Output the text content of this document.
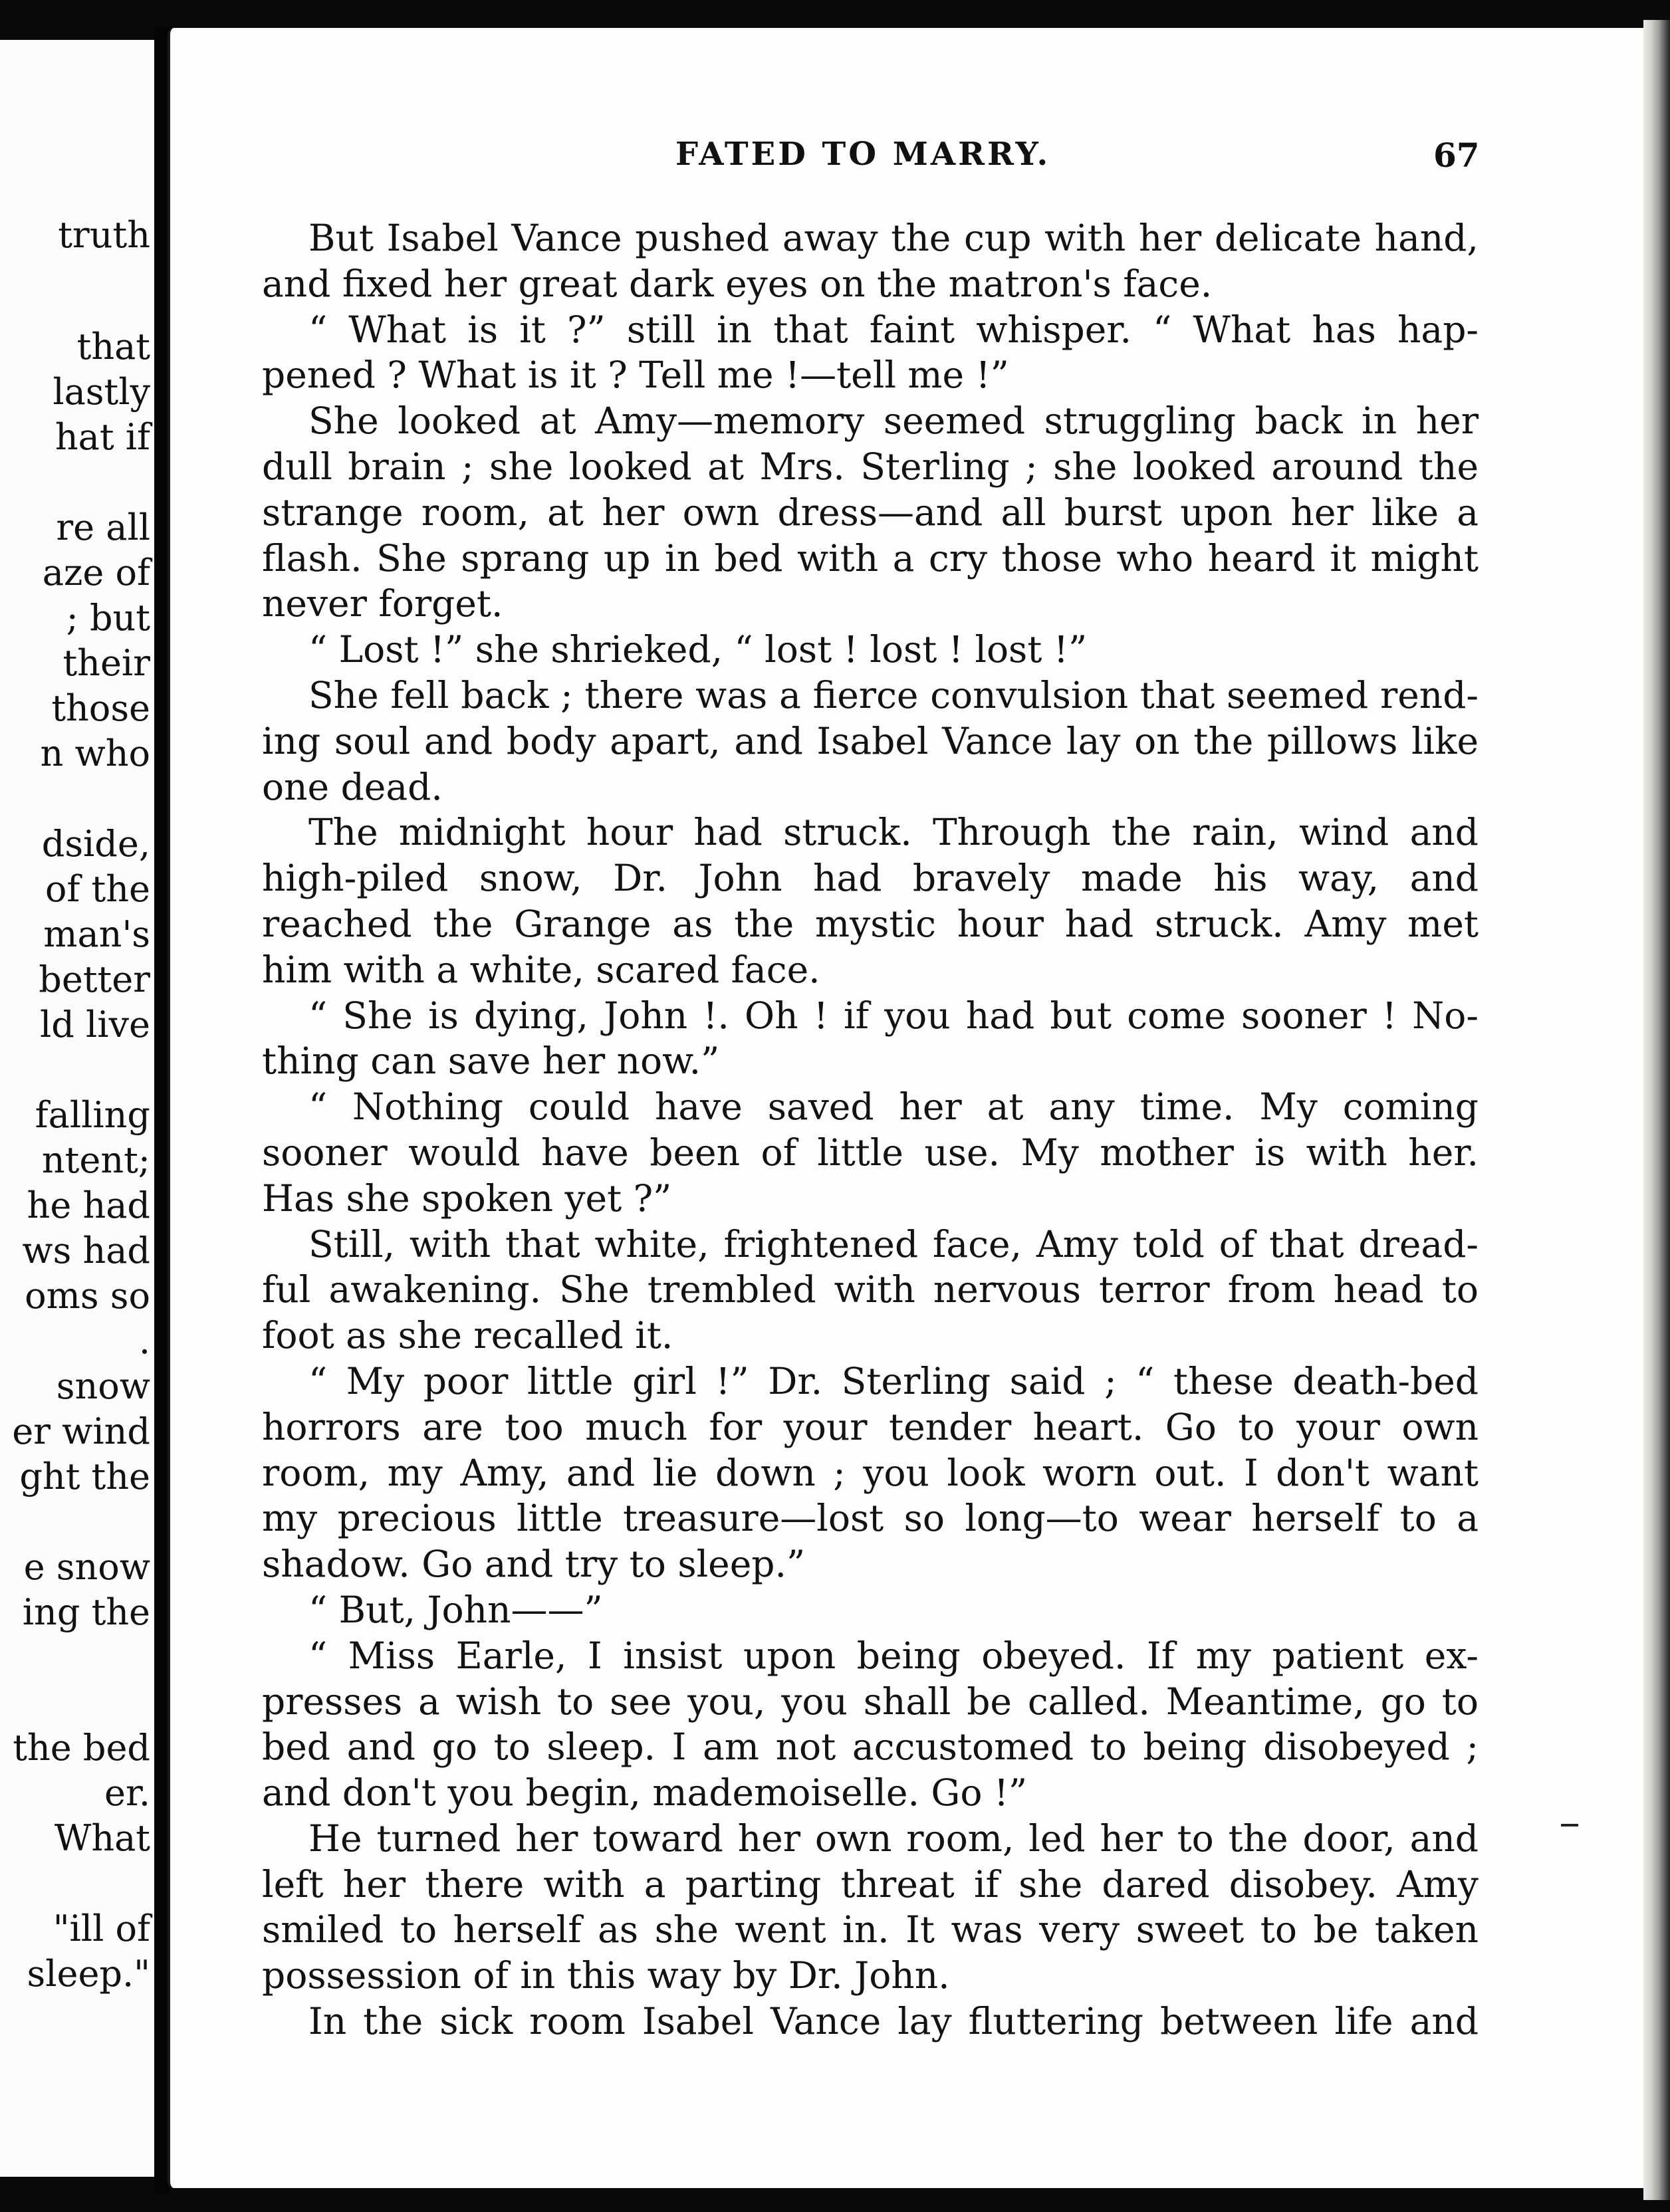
truth
that
lastly
hat if
re all
aze of
; but
their
those
n who
dside,
of the
man's
better
ld live
falling
ntent;
he had
ws had
oms so
.
snow
er wind
ght the
e snow
ing the
the bed
er.
What
"ill of
sleep."
FATED TO MARRY.	67
But Isabel Vance pushed away the cup with her delicate hand,
and fixed her great dark eyes on the matron's face.
“ What is it ?” still in that faint whisper. “ What has hap-
pened ? What is it ? Tell me !—tell me !”
She looked at Amy—memory seemed struggling back in her
dull brain ; she looked at Mrs. Sterling ; she looked around the
strange room, at her own dress—and all burst upon her like a
flash. She sprang up in bed with a cry those who heard it might
never forget.
“ Lost !” she shrieked, “ lost ! lost ! lost !”
She fell back ; there was a fierce convulsion that seemed rend-
ing soul and body apart, and Isabel Vance lay on the pillows like
one dead.
The midnight hour had struck. Through the rain, wind and
high-piled snow, Dr. John had bravely made his way, and
reached the Grange as the mystic hour had struck. Amy met
him with a white, scared face.
“ She is dying, John !. Oh ! if you had but come sooner ! No-
thing can save her now.”
“ Nothing could have saved her at any time. My coming
sooner would have been of little use. My mother is with her.
Has she spoken yet ?”
Still, with that white, frightened face, Amy told of that dread-
ful awakening. She trembled with nervous terror from head to
foot as she recalled it.
“ My poor little girl !” Dr. Sterling said ; “ these death-bed
horrors are too much for your tender heart. Go to your own
room, my Amy, and lie down ; you look worn out. I don't want
my precious little treasure—lost so long—to wear herself to a
shadow. Go and try to sleep.”
“ But, John——”
“ Miss Earle, I insist upon being obeyed. If my patient ex-
presses a wish to see you, you shall be called. Meantime, go to
bed and go to sleep. I am not accustomed to being disobeyed ;
and don't you begin, mademoiselle. Go !”
He turned her toward her own room, led her to the door, and
left her there with a parting threat if she dared disobey. Amy
smiled to herself as she went in. It was very sweet to be taken
possession of in this way by Dr. John.
In the sick room Isabel Vance lay fluttering between life and
